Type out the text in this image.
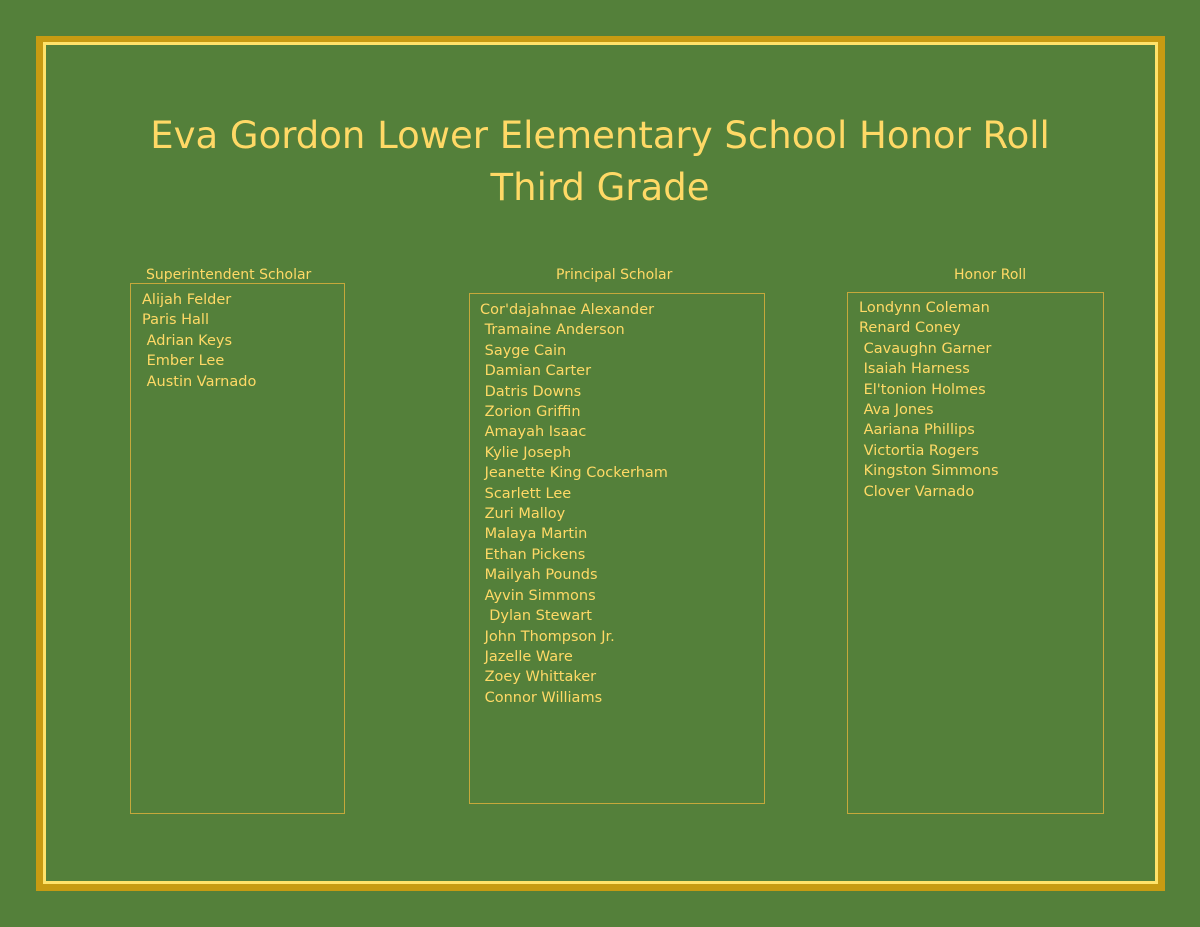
Eva Gordon Lower Elementary School Honor Roll
Third Grade
Superintendent Scholar
Alijah Felder
Paris Hall
Adrian Keys
Ember Lee
Austin Varnado
Principal Scholar
Cor'dajahnae Alexander
Tramaine Anderson
Sayge Cain
Damian Carter
Datris Downs
Zorion Griffin
Amayah Isaac
Kylie Joseph
Jeanette King Cockerham
Scarlett Lee
Zuri Malloy
Malaya Martin
Ethan Pickens
Mailyah Pounds
Ayvin Simmons
Dylan Stewart
John Thompson Jr.
Jazelle Ware
Zoey Whittaker
Connor Williams
Honor Roll
Londynn Coleman
Renard Coney
Cavaughn Garner
Isaiah Harness
El'tonion Holmes
Ava Jones
Aariana Phillips
Victortia Rogers
Kingston Simmons
Clover Varnado
